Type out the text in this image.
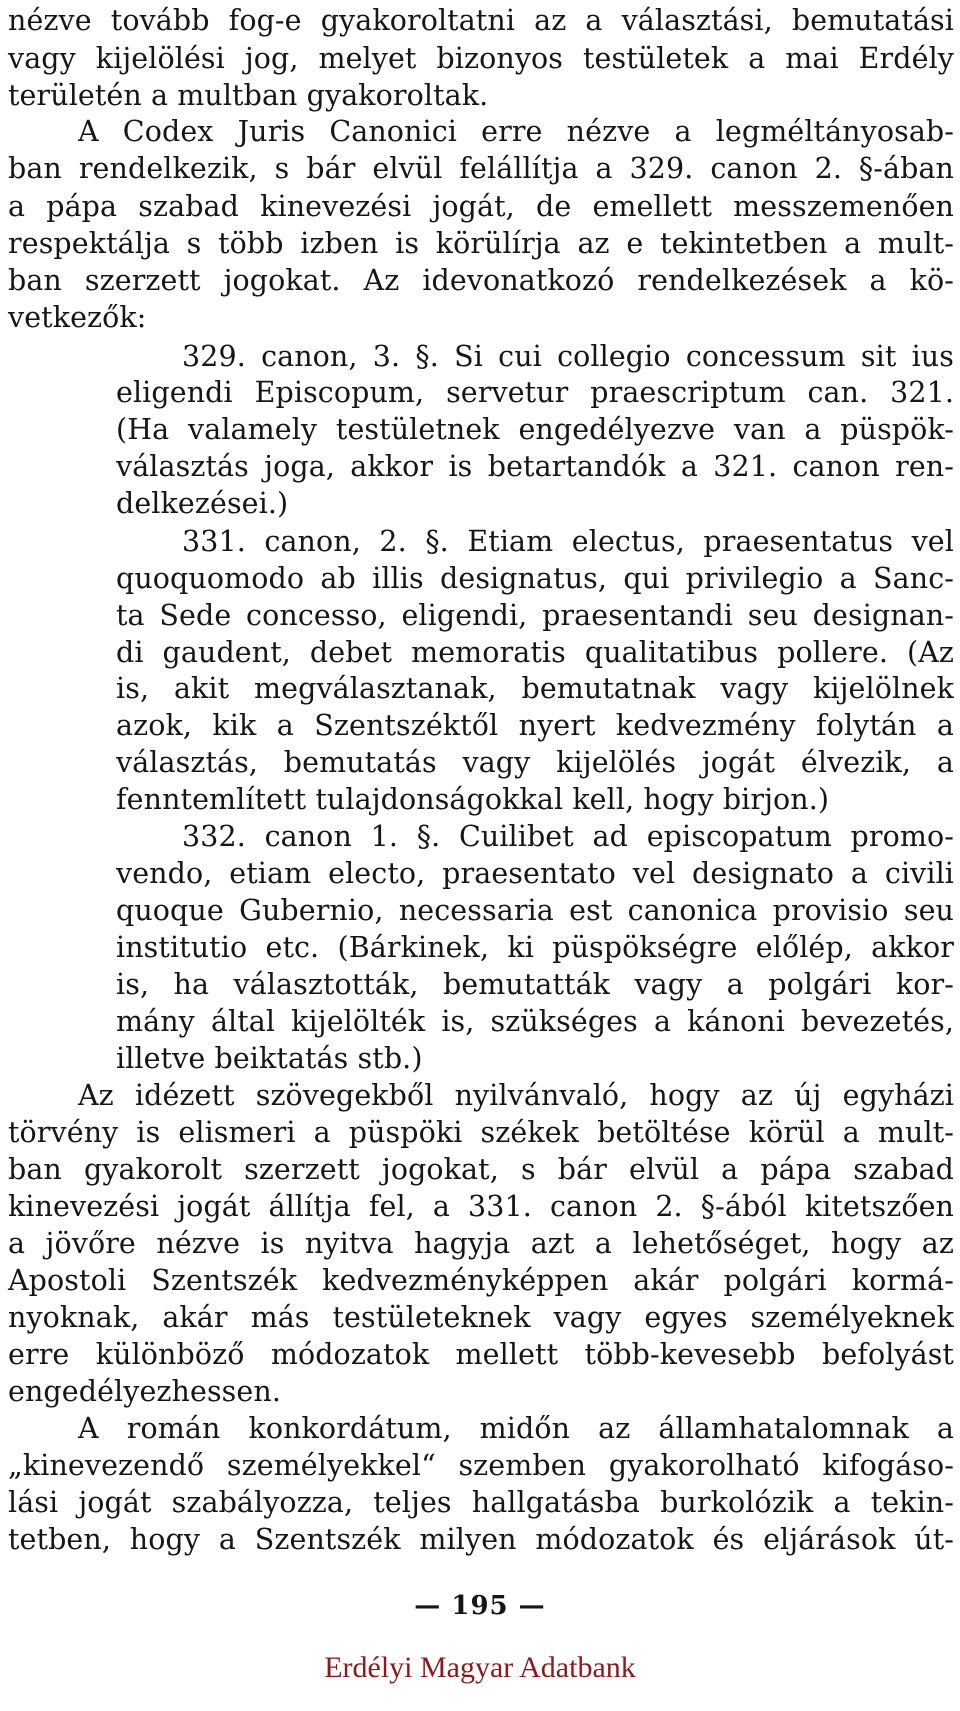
nézve tovább fog-e gyakoroltatni az a választási, bemutatási
vagy kijelölési jog, melyet bizonyos testületek a mai Erdély
területén a multban gyakoroltak.
A Codex Juris Canonici erre nézve a legméltányosab-
ban rendelkezik, s bár elvül felállítja a 329. canon 2. §-ában
a pápa szabad kinevezési jogát, de emellett messzemenően
respektálja s több izben is körülírja az e tekintetben a mult-
ban szerzett jogokat. Az idevonatkozó rendelkezések a kö-
vetkezők:
329. canon, 3. §. Si cui collegio concessum sit ius
eligendi Episcopum, servetur praescriptum can. 321.
(Ha valamely testületnek engedélyezve van a püspök-
választás joga, akkor is betartandók a 321. canon ren-
delkezései.)
331. canon, 2. §. Etiam electus, praesentatus vel
quoquomodo ab illis designatus, qui privilegio a Sanc-
ta Sede concesso, eligendi, praesentandi seu designan-
di gaudent, debet memoratis qualitatibus pollere. (Az
is, akit megválasztanak, bemutatnak vagy kijelölnek
azok, kik a Szentszéktől nyert kedvezmény folytán a
választás, bemutatás vagy kijelölés jogát élvezik, a
fenntemlített tulajdonságokkal kell, hogy birjon.)
332. canon 1. §. Cuilibet ad episcopatum promo-
vendo, etiam electo, praesentato vel designato a civili
quoque Gubernio, necessaria est canonica provisio seu
institutio etc. (Bárkinek, ki püspökségre előlép, akkor
is, ha választották, bemutatták vagy a polgári kor-
mány által kijelölték is, szükséges a kánoni bevezetés,
illetve beiktatás stb.)
Az idézett szövegekből nyilvánvaló, hogy az új egyházi
törvény is elismeri a püspöki székek betöltése körül a mult-
ban gyakorolt szerzett jogokat, s bár elvül a pápa szabad
kinevezési jogát állítja fel, a 331. canon 2. §-ából kitetszően
a jövőre nézve is nyitva hagyja azt a lehetőséget, hogy az
Apostoli Szentszék kedvezményképpen akár polgári kormá-
nyoknak, akár más testületeknek vagy egyes személyeknek
erre különböző módozatok mellett több-kevesebb befolyást
engedélyezhessen.
A román konkordátum, midőn az államhatalomnak a
„kinevezendő személyekkel“ szemben gyakorolható kifogáso-
lási jogát szabályozza, teljes hallgatásba burkolózik a tekin-
tetben, hogy a Szentszék milyen módozatok és eljárások út-
— 195 —
Erdélyi Magyar Adatbank
